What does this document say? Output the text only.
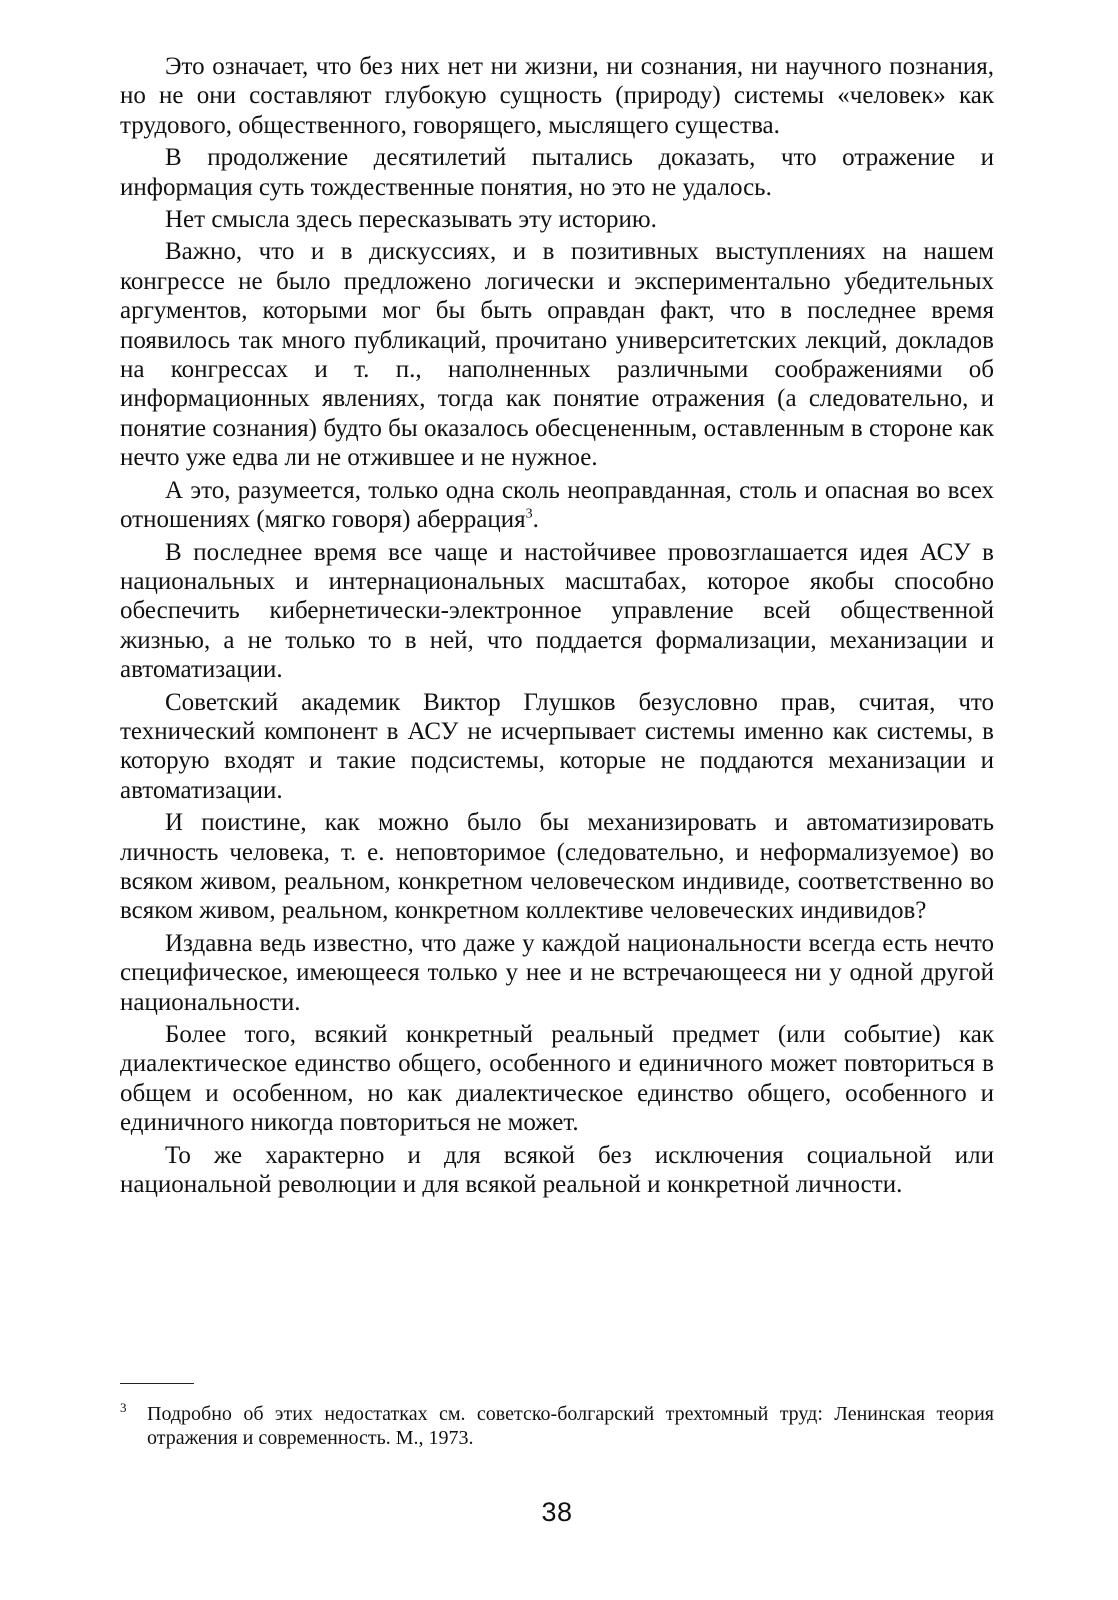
Это означает, что без них нет ни жизни, ни сознания, ни научного познания, но не они составляют глубокую сущность (природу) системы «человек» как трудового, общественного, говорящего, мыслящего существа.

В продолжение десятилетий пытались доказать, что отражение и информация суть тождественные понятия, но это не удалось.

Нет смысла здесь пересказывать эту историю.

Важно, что и в дискуссиях, и в позитивных выступлениях на нашем конгрессе не было предложено логически и экспериментально убедительных аргументов, которыми мог бы быть оправдан факт, что в последнее время появилось так много публикаций, прочитано университетских лекций, докладов на конгрессах и т. п., наполненных различными соображениями об информационных явлениях, тогда как понятие отражения (а следовательно, и понятие сознания) будто бы оказалось обесцененным, оставленным в стороне как нечто уже едва ли не отжившее и не нужное.

А это, разумеется, только одна сколь неоправданная, столь и опасная во всех отношениях (мягко говоря) аберрация$^3$.

В последнее время все чаще и настойчивее провозглашается идея АСУ в национальных и интернациональных масштабах, которое якобы способно обеспечить кибернетически-электронное управление всей общественной жизнью, а не только то в ней, что поддается формализации, механизации и автоматизации.

Советский академик Виктор Глушков безусловно прав, считая, что технический компонент в АСУ не исчерпывает системы именно как системы, в которую входят и такие подсистемы, которые не поддаются механизации и автоматизации.

И поистине, как можно было бы механизировать и автоматизировать личность человека, т. е. неповторимое (следовательно, и неформализуемое) во всяком живом, реальном, конкретном человеческом индивиде, соответственно во всяком живом, реальном, конкретном коллективе человеческих индивидов?

Издавна ведь известно, что даже у каждой национальности всегда есть нечто специфическое, имеющееся только у нее и не встречающееся ни у одной другой национальности.

Более того, всякий конкретный реальный предмет (или событие) как диалектическое единство общего, особенного и единичного может повториться в общем и особенном, но как диалектическое единство общего, особенного и единичного никогда повториться не может.

То же характерно и для всякой без исключения социальной или национальной революции и для всякой реальной и конкретной личности.

3 Подробно об этих недостатках см. советско-болгарский трехтомный труд: Ленинская теория отражения и современность. М., 1973.

38
